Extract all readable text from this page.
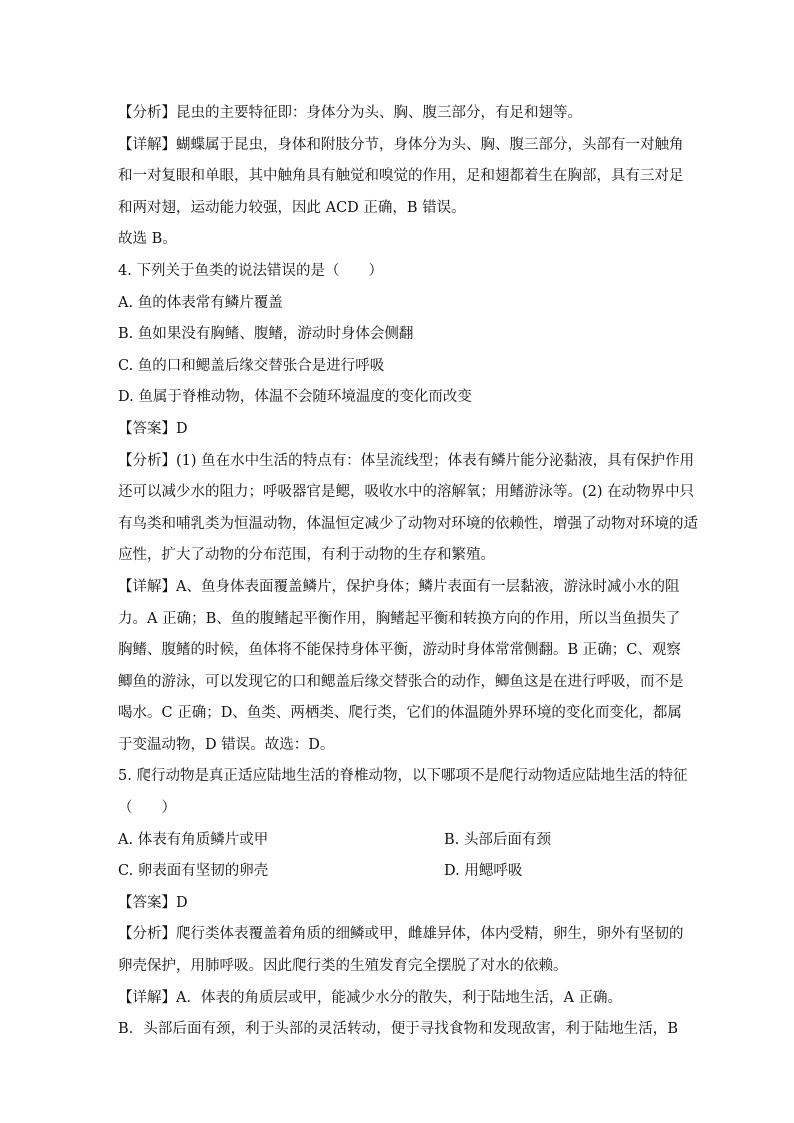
【分析】昆虫的主要特征即：身体分为头、胸、腹三部分，有足和翅等。
【详解】蝴蝶属于昆虫，身体和附肢分节，身体分为头、胸、腹三部分，头部有一对触角
和一对复眼和单眼，其中触角具有触觉和嗅觉的作用，足和翅都着生在胸部，具有三对足
和两对翅，运动能力较强，因此 ACD 正确，B 错误。
故选 B。
4. 下列关于鱼类的说法错误的是（　　）
A. 鱼的体表常有鳞片覆盖
B. 鱼如果没有胸鳍、腹鳍，游动时身体会侧翻
C. 鱼的口和鳃盖后缘交替张合是进行呼吸
D. 鱼属于脊椎动物，体温不会随环境温度的变化而改变
【答案】D
【分析】(1) 鱼在水中生活的特点有：体呈流线型；体表有鳞片能分泌黏液，具有保护作用
还可以减少水的阻力；呼吸器官是鳃，吸收水中的溶解氧；用鳍游泳等。(2) 在动物界中只
有鸟类和哺乳类为恒温动物，体温恒定减少了动物对环境的依赖性，增强了动物对环境的适
应性，扩大了动物的分布范围，有利于动物的生存和繁殖。
【详解】A、鱼身体表面覆盖鳞片，保护身体；鳞片表面有一层黏液，游泳时减小水的阻
力。A 正确；B、鱼的腹鳍起平衡作用，胸鳍起平衡和转换方向的作用，所以当鱼损失了
胸鳍、腹鳍的时候，鱼体将不能保持身体平衡，游动时身体常常侧翻。B 正确；C、观察
鲫鱼的游泳，可以发现它的口和鳃盖后缘交替张合的动作，鲫鱼这是在进行呼吸，而不是
喝水。C 正确；D、鱼类、两栖类、爬行类，它们的体温随外界环境的变化而变化，都属
于变温动物，D 错误。故选：D。
5. 爬行动物是真正适应陆地生活的脊椎动物，以下哪项不是爬行动物适应陆地生活的特征
（　　）
A. 体表有角质鳞片或甲	B. 头部后面有颈
C. 卵表面有坚韧的卵壳	D. 用鳃呼吸
【答案】D
【分析】爬行类体表覆盖着角质的细鳞或甲，雌雄异体，体内受精，卵生，卵外有坚韧的
卵壳保护，用肺呼吸。因此爬行类的生殖发育完全摆脱了对水的依赖。
【详解】A．体表的角质层或甲，能减少水分的散失，利于陆地生活，A 正确。
B．头部后面有颈，利于头部的灵活转动，便于寻找食物和发现敌害，利于陆地生活，B
